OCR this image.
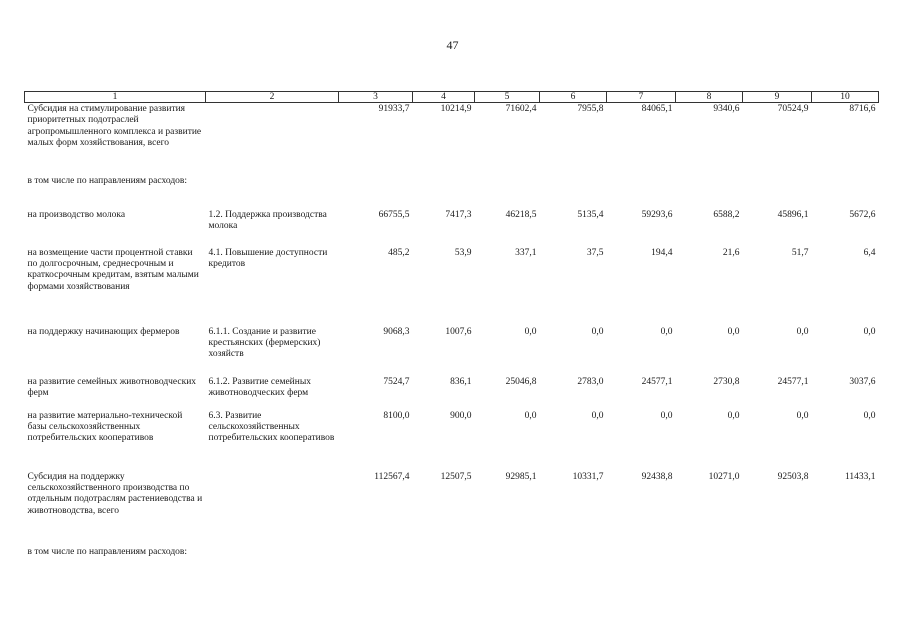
47
1	2	3	4	5	6	7	8	9	10
Субсидия на стимулирование развития приоритетных подотраслей агропромышленного комплекса и развитие малых форм хозяйствования, всего		91933,7	10214,9	71602,4	7955,8	84065,1	9340,6	70524,9	8716,6
в том числе по направлениям расходов:									
на производство молока	1.2. Поддержка производства молока	66755,5	7417,3	46218,5	5135,4	59293,6	6588,2	45896,1	5672,6
на возмещение части процентной ставки по долгосрочным, среднесрочным и краткосрочным кредитам, взятым малыми формами хозяйствования	4.1. Повышение доступности кредитов	485,2	53,9	337,1	37,5	194,4	21,6	51,7	6,4
на поддержку начинающих фермеров	6.1.1. Создание и развитие крестьянских (фермерских) хозяйств	9068,3	1007,6	0,0	0,0	0,0	0,0	0,0	0,0
на развитие семейных животноводческих ферм	6.1.2. Развитие семейных животноводческих ферм	7524,7	836,1	25046,8	2783,0	24577,1	2730,8	24577,1	3037,6
на развитие материально-технической базы сельскохозяйственных потребительских кооперативов	6.3. Развитие сельскохозяйственных потребительских кооперативов	8100,0	900,0	0,0	0,0	0,0	0,0	0,0	0,0
Субсидия на поддержку сельскохозяйственного производства по отдельным подотраслям растениеводства и животноводства, всего		112567,4	12507,5	92985,1	10331,7	92438,8	10271,0	92503,8	11433,1
в том числе по направлениям расходов:									
